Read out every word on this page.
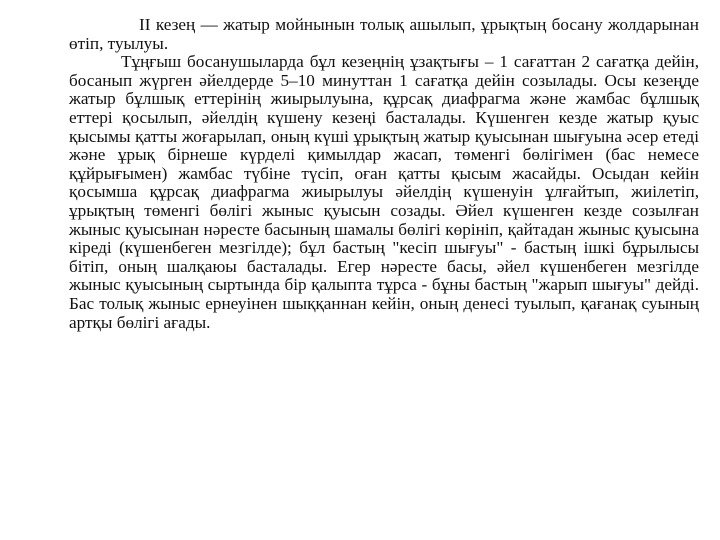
ІІ кезең — жатыр мойнынын толық ашылып, ұрықтың босану жолдарынан өтіп, туылуы.

Тұңғыш босанушыларда бұл кезеңнің ұзақтығы – 1 сағаттан 2 сағатқа дейін, босанып жүрген әйелдерде 5–10 минуттан 1 сағатқа дейін созылады. Осы кезеңде жатыр бұлшық еттерінің жиырылуына, құрсақ диафрагма және жамбас бұлшық еттері қосылып, әйелдің күшену кезеңі басталады. Күшенген кезде жатыр қуыс қысымы қатты жоғарылап, оның күші ұрықтың жатыр қуысынан шығуына әсер етеді және ұрық бірнеше күрделі қимылдар жасап, төменгі бөлігімен (бас немесе құйрығымен) жамбас түбіне түсіп, оған қатты қысым жасайды. Осыдан кейін қосымша құрсақ диафрагма жиырылуы әйелдің күшенуін ұлғайтып, жиілетіп, ұрықтың төменгі бөлігі жыныс қуысын созады. Әйел күшенген кезде созылған жыныс қуысынан нәресте басының шамалы бөлігі көрініп, қайтадан жыныс қуысына кіреді (күшенбеген мезгілде); бұл бастың "кесіп шығуы" - бастың ішкі бұрылысы бітіп, оның шалқаюы басталады. Егер нәресте басы, әйел күшенбеген мезгілде жыныс қуысының сыртында бір қалыпта тұрса - бұны бастың "жарып шығуы" дейді. Бас толық жыныс ернеуінен шыққаннан кейін, оның денесі туылып, қағанақ суының артқы бөлігі ағады.
